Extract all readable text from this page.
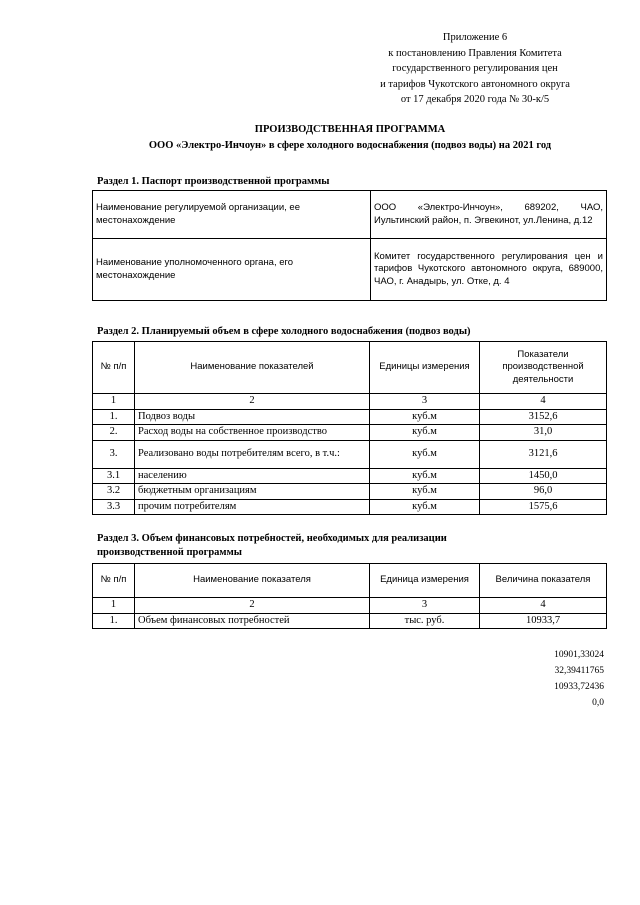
Приложение 6
к постановлению Правления Комитета
государственного регулирования цен
и тарифов Чукотского автономного округа
от 17 декабря 2020 года № 30-к/5
ПРОИЗВОДСТВЕННАЯ ПРОГРАММА
ООО «Электро-Инчоун» в сфере холодного водоснабжения (подвоз воды) на 2021 год
Раздел 1. Паспорт производственной программы
Наименование регулируемой организации, ее местонахождение	ООО «Электро-Инчоун», 689202, ЧАО, Иультинский район, п. Эгвекинот, ул.Ленина, д.12
Наименование уполномоченного органа, его местонахождение	Комитет государственного регулирования цен и тарифов Чукотского автономного округа, 689000, ЧАО, г. Анадырь, ул. Отке, д. 4
Раздел 2. Планируемый объем в сфере холодного водоснабжения (подвоз воды)
№ п/п	Наименование показателей	Единицы измерения	Показатели производственной деятельности
1	2	3	4
1.	Подвоз воды	куб.м	3152,6
2.	Расход воды на собственное производство	куб.м	31,0
3.	Реализовано воды потребителям всего, в т.ч.:	куб.м	3121,6
3.1	населению	куб.м	1450,0
3.2	бюджетным организациям	куб.м	96,0
3.3	прочим потребителям	куб.м	1575,6
Раздел 3. Объем финансовых потребностей, необходимых для реализации
производственной программы
№ п/п	Наименование показателя	Единица измерения	Величина показателя
1	2	3	4
1.	Объем финансовых потребностей	тыс. руб.	10933,7
10901,33024
32,39411765
10933,72436
0,0
